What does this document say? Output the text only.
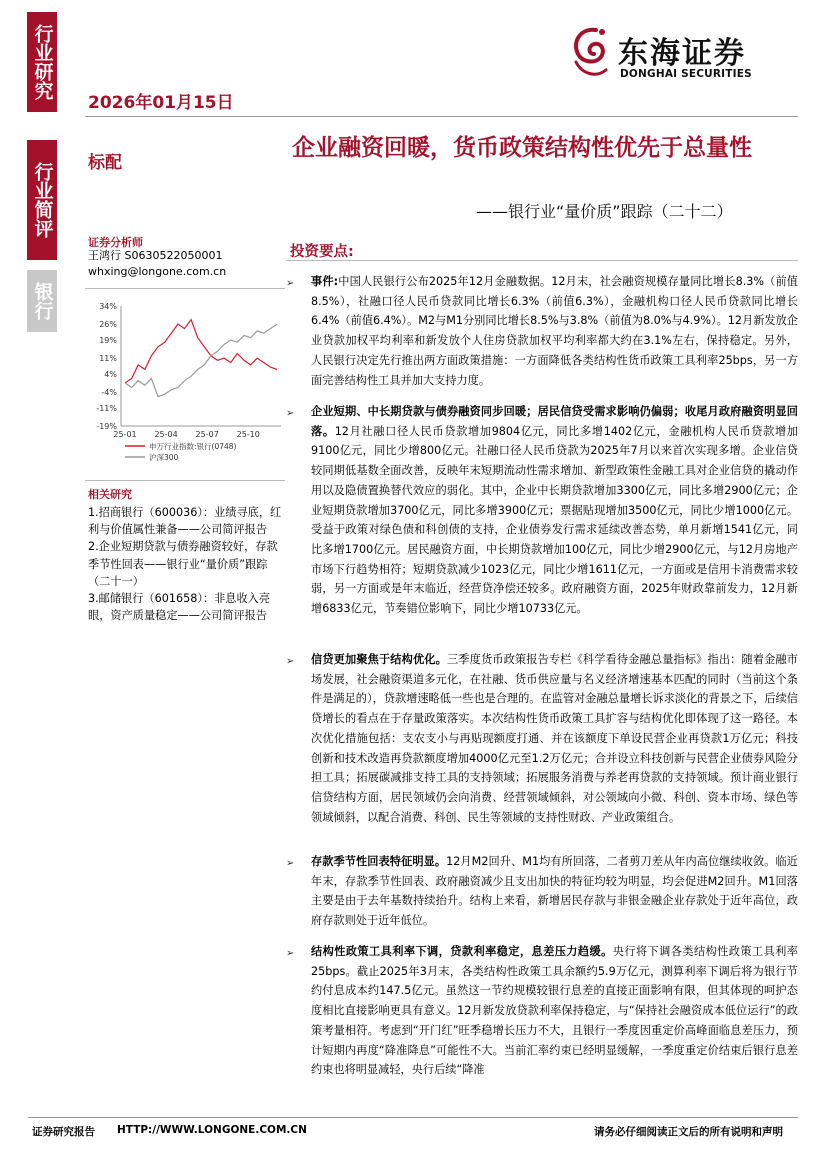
行业研究
行业简评
银行
2026年01月15日
东海证券
DONGHAI SECURITIES
标配
企业融资回暖，货币政策结构性优先于总量性
——银行业“量价质”跟踪（二十二）
证券分析师
王鸿行 S0630522050001
whxing@longone.com.cn
34%
26%
19%
11%
4%
-4%
-11%
-19%
25-01 25-04 25-07 25-10
申万行业指数:银行(0748)
沪深300
相关研究
1.招商银行（600036）：业绩寻底，红利与价值属性兼备——公司简评报告
2.企业短期贷款与债券融资较好，存款季节性回表——银行业“量价质”跟踪（二十一）
3.邮储银行（601658）：非息收入亮眼，资产质量稳定——公司简评报告
投资要点:
➢ 事件:中国人民银行公布2025年12月金融数据。12月末，社会融资规模存量同比增长8.3%（前值8.5%），社融口径人民币贷款同比增长6.3%（前值6.3%），金融机构口径人民币贷款同比增长6.4%（前值6.4%）。M2与M1分别同比增长8.5%与3.8%（前值为8.0%与4.9%）。12月新发放企业贷款加权平均利率和新发放个人住房贷款加权平均利率都大约在3.1%左右，保持稳定。另外，人民银行决定先行推出两方面政策措施：一方面降低各类结构性货币政策工具利率25bps，另一方面完善结构性工具并加大支持力度。
➢ 企业短期、中长期贷款与债券融资同步回暖；居民信贷受需求影响仍偏弱；收尾月政府融资明显回落。12月社融口径人民币贷款增加9804亿元，同比多增1402亿元，金融机构人民币贷款增加9100亿元，同比少增800亿元。社融口径人民币贷款为2025年7月以来首次实现多增。企业信贷较同期低基数全面改善，反映年末短期流动性需求增加、新型政策性金融工具对企业信贷的撬动作用以及隐债置换替代效应的弱化。其中，企业中长期贷款增加3300亿元，同比多增2900亿元；企业短期贷款增加3700亿元，同比多增3900亿元；票据贴现增加3500亿元，同比少增1000亿元。受益于政策对绿色债和科创债的支持，企业债券发行需求延续改善态势，单月新增1541亿元，同比多增1700亿元。居民融资方面，中长期贷款增加100亿元，同比少增2900亿元，与12月房地产市场下行趋势相符；短期贷款减少1023亿元，同比少增1611亿元，一方面或是信用卡消费需求较弱，另一方面或是年末临近，经营贷净偿还较多。政府融资方面，2025年财政靠前发力，12月新增6833亿元，节奏错位影响下，同比少增10733亿元。
➢ 信贷更加聚焦于结构优化。三季度货币政策报告专栏《科学看待金融总量指标》指出：随着金融市场发展，社会融资渠道多元化，在社融、货币供应量与名义经济增速基本匹配的同时（当前这个条件是满足的），贷款增速略低一些也是合理的。在监管对金融总量增长诉求淡化的背景之下，后续信贷增长的看点在于存量政策落实。本次结构性货币政策工具扩容与结构优化即体现了这一路径。本次优化措施包括：支农支小与再贴现额度打通、并在该额度下单设民营企业再贷款1万亿元；科技创新和技术改造再贷款额度增加4000亿元至1.2万亿元；合并设立科技创新与民营企业债券风险分担工具；拓展碳减排支持工具的支持领域；拓展服务消费与养老再贷款的支持领域。预计商业银行信贷结构方面，居民领域仍会向消费、经营领域倾斜，对公领域向小微、科创、资本市场、绿色等领域倾斜，以配合消费、科创、民生等领域的支持性财政、产业政策组合。
➢ 存款季节性回表特征明显。12月M2回升、M1均有所回落，二者剪刀差从年内高位继续收敛。临近年末，存款季节性回表、政府融资减少且支出加快的特征均较为明显，均会促进M2回升。M1回落主要是由于去年基数持续抬升。结构上来看，新增居民存款与非银金融企业存款处于近年高位，政府存款则处于近年低位。
➢ 结构性政策工具利率下调，贷款利率稳定，息差压力趋缓。央行将下调各类结构性政策工具利率25bps。截止2025年3月末，各类结构性政策工具余额约5.9万亿元，测算利率下调后将为银行节约付息成本约147.5亿元。虽然这一节约规模较银行息差的直接正面影响有限，但其体现的呵护态度相比直接影响更具有意义。12月新发放贷款利率保持稳定，与“保持社会融资成本低位运行”的政策考量相符。考虑到“开门红”旺季稳增长压力不大，且银行一季度因重定价高峰面临息差压力，预计短期内再度“降准降息”可能性不大。当前汇率约束已经明显缓解，一季度重定价结束后银行息差约束也将明显减轻，央行后续“降准
证券研究报告 HTTP://WWW.LONGONE.COM.CN	请务必仔细阅读正文后的所有说明和声明
